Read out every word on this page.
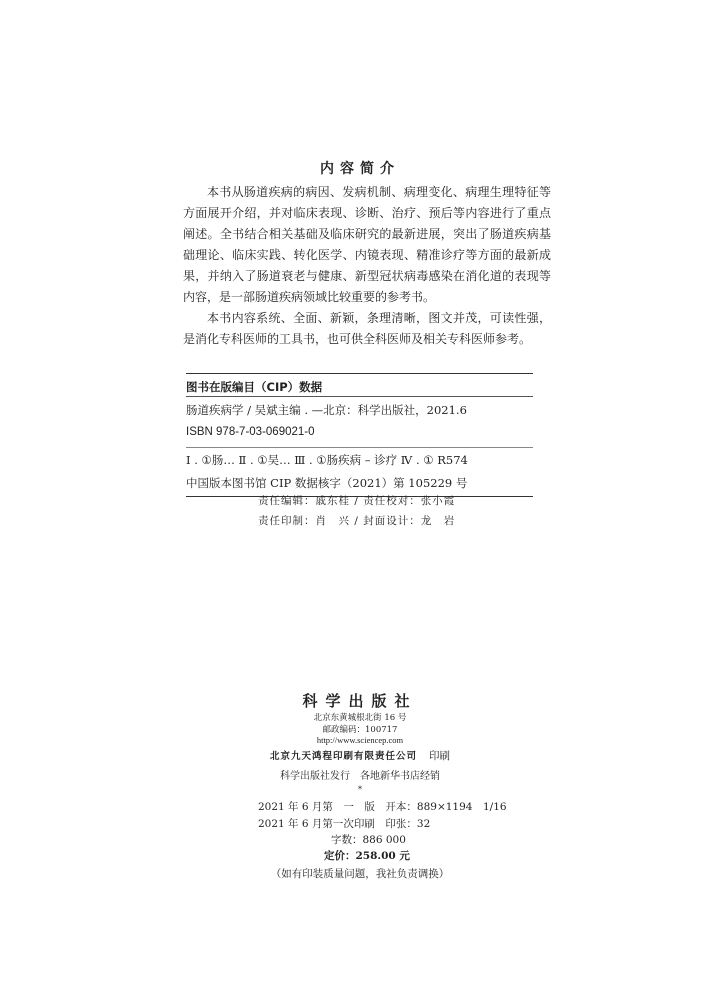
内容简介

本书从肠道疾病的病因、发病机制、病理变化、病理生理特征等方面展开介绍，并对临床表现、诊断、治疗、预后等内容进行了重点阐述。全书结合相关基础及临床研究的最新进展，突出了肠道疾病基础理论、临床实践、转化医学、内镜表现、精准诊疗等方面的最新成果，并纳入了肠道衰老与健康、新型冠状病毒感染在消化道的表现等内容，是一部肠道疾病领域比较重要的参考书。

本书内容系统、全面、新颖，条理清晰，图文并茂，可读性强，是消化专科医师的工具书，也可供全科医师及相关专科医师参考。

图书在版编目（CIP）数据
肠道疾病学 / 吴斌主编 . —北京：科学出版社，2021.6
ISBN 978-7-03-069021-0
Ⅰ . ①肠… Ⅱ . ①吴… Ⅲ . ①肠疾病 – 诊疗 Ⅳ . ① R574
中国版本图书馆 CIP 数据核字（2021）第 105229 号
责任编辑：戚东桂 / 责任校对：张小霞
责任印制：肖　兴 / 封面设计：龙　岩
科学出版社
北京东黄城根北街 16 号
邮政编码：100717
http://www.sciencep.com
北京九天鸿程印刷有限责任公司 印刷
科学出版社发行　各地新华书店经销
*
2021 年 6 月第　一　版　开本：889×1194　1/16
2021 年 6 月第一次印刷　印张：32
字数：886 000
定价：258.00 元
（如有印装质量问题，我社负责调换）
